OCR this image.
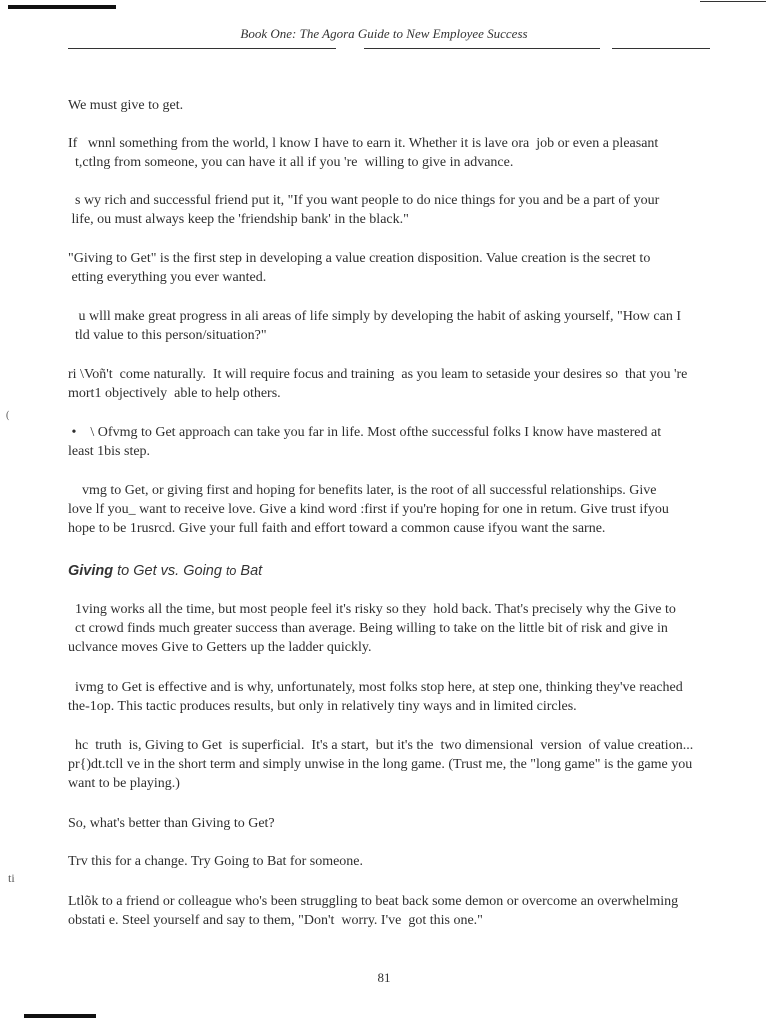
Book One: The Agora Guide to New Employee Success
We must give to get.
If   wnnl something from the world, l know I have to earn it. Whether it is lave ora  job or even a pleasant
t,ctlng from someone, you can have it all if you 're  willing to give in advance.
s wy rich and successful friend put it, "If you want people to do nice things for you and be a part of your
life, ou must always keep the 'friendship bank' in the black."
"Giving to Get" is the first step in developing a value creation disposition. Value creation is the secret to
etting everything you ever wanted.
u wlll make great progress in ali areas of life simply by developing the habit of asking yourself, "How can I
tld value to this person/situation?"
ri \Voñ't  come naturally.  It will require focus and training  as you leam to setaside your desires so  that you 're
mort1 objectively  able to help others.
•    \ Ofvmg to Get approach can take you far in life. Most ofthe successful folks I know have mastered at
least 1bis step.
vmg to Get, or giving first and hoping for benefits later, is the root of all successful relationships. Give
love lf you_ want to receive love. Give a kind word :first if you're hoping for one in retum. Give trust ifyou
hope to be 1rusrcd. Give your full faith and effort toward a common cause ifyou want the sarne.
Giving to Get vs. Going to Bat
1ving works all the time, but most people feel it's risky so they  hold back. That's precisely why the Give to
ct crowd finds much greater success than average. Being willing to take on the little bit of risk and give in
uclvance moves Give to Getters up the ladder quickly.
ivmg to Get is effective and is why, unfortunately, most folks stop here, at step one, thinking they've reached
the-1op. This tactic produces results, but only in relatively tiny ways and in limited circles.
hc  truth  is, Giving to Get  is superficial.  It's a start,  but it's the  two dimensional  version  of value creation...
pr{)dt.tcll ve in the short term and simply unwise in the long game. (Trust me, the "long game" is the game you
want to be playing.)
So, what's better than Giving to Get?
Trv this for a change. Try Going to Bat for someone.
Ltlõk to a friend or colleague who's been struggling to beat back some demon or overcome an overwhelming
obstati e. Steel yourself and say to them, "Don't  worry. I've  got this one."
(
ti
81
